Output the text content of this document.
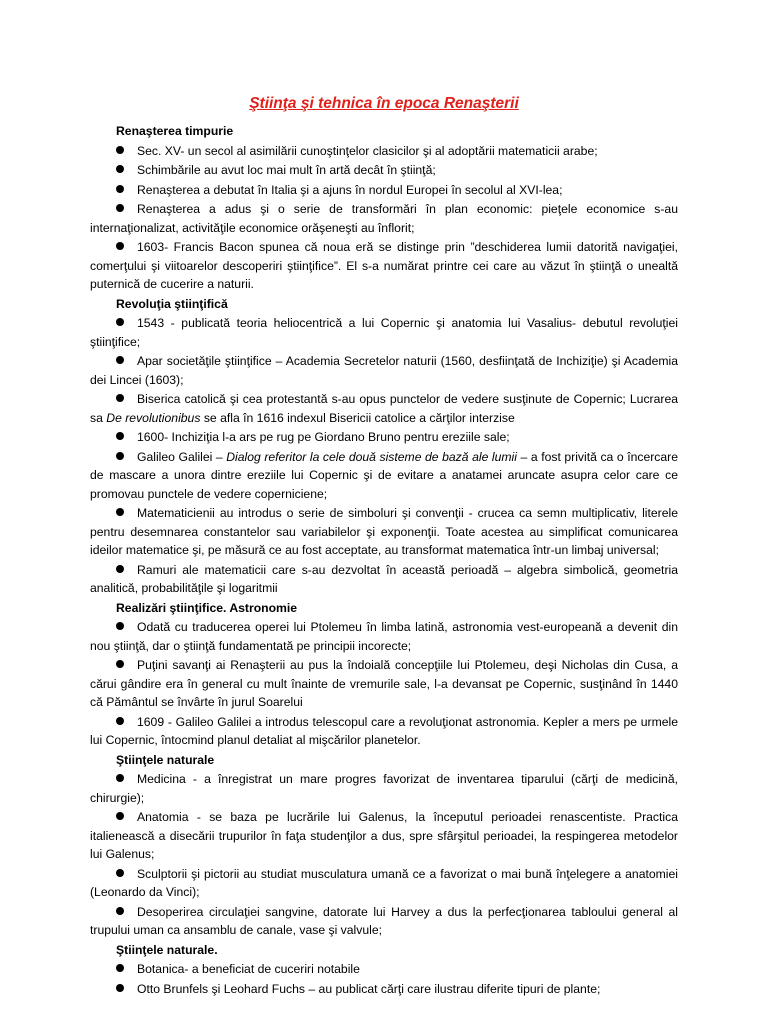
Ştiinţa şi tehnica în epoca Renaşterii
Renaşterea timpurie
Sec. XV- un secol al asimilării cunoştinţelor clasicilor şi al adoptării matematicii arabe;
Schimbările au avut loc mai mult în artă decât în ştiinţă;
Renaşterea a debutat în Italia şi a ajuns în nordul Europei în secolul al XVI-lea;
Renaşterea a adus şi o serie de transformări în plan economic: pieţele economice s-au internaţionalizat, activităţile economice orăşeneşti au înflorit;
1603- Francis Bacon spunea că noua eră se distinge prin ”deschiderea lumii datorită navigaţiei, comerţului şi viitoarelor descoperiri ştiinţifice”. El s-a numărat printre cei care au văzut în ştiinţă o unealtă puternică de cucerire a naturii.
Revoluţia ştiinţifică
1543 - publicată teoria heliocentrică a lui Copernic şi anatomia lui Vasalius- debutul revoluţiei ştiinţifice;
Apar societăţile ştiinţifice – Academia Secretelor naturii (1560, desfiinţată de Inchiziţie) şi Academia dei Lincei (1603);
Biserica catolică şi cea protestantă s-au opus punctelor de vedere susţinute de Copernic; Lucrarea sa De revolutionibus se afla în 1616 indexul Bisericii catolice a cărţilor interzise
1600- Inchiziţia l-a ars pe rug pe Giordano Bruno pentru ereziile sale;
Galileo Galilei – Dialog referitor la cele două sisteme de bază ale lumii – a fost privită ca o încercare de mascare a unora dintre ereziile lui Copernic şi de evitare a anatamei aruncate asupra celor care ce promovau punctele de vedere coperniciene;
Matematicienii au introdus o serie de simboluri şi convenţii - crucea ca semn multiplicativ, literele pentru desemnarea constantelor sau variabilelor şi exponenţii. Toate acestea au simplificat comunicarea ideilor matematice şi, pe măsură ce au fost acceptate, au transformat matematica într-un limbaj universal;
Ramuri ale matematicii care s-au dezvoltat în această perioadă – algebra simbolică, geometria analitică, probabilităţile şi logaritmii
Realizări ştiinţifice. Astronomie
Odată cu traducerea operei lui Ptolemeu în limba latină, astronomia vest-europeană a devenit din nou ştiinţă, dar o ştiinţă fundamentată pe principii incorecte;
Puţini savanţi ai Renaşterii au pus la îndoială concepţiile lui Ptolemeu, deşi Nicholas din Cusa, a cărui gândire era în general cu mult înainte de vremurile sale, l-a devansat pe Copernic, susţinând în 1440 că Pământul se învârte în jurul Soarelui
1609 - Galileo Galilei a introdus telescopul care a revoluţionat astronomia. Kepler a mers pe urmele lui Copernic, întocmind planul detaliat al mişcărilor planetelor.
Ştiinţele naturale
Medicina - a înregistrat un mare progres favorizat de inventarea tiparului (cărţi de medicină, chirurgie);
Anatomia - se baza pe lucrările lui Galenus, la începutul perioadei renascentiste. Practica italienească a disecării trupurilor în faţa studenţilor a dus, spre sfârşitul perioadei, la respingerea metodelor lui Galenus;
Sculptorii şi pictorii au studiat musculatura umană ce a favorizat o mai bună înţelegere a anatomiei (Leonardo da Vinci);
Desoperirea circulaţiei sangvine, datorate lui Harvey a dus la perfecţionarea tabloului general al trupului uman ca ansamblu de canale, vase şi valvule;
Ştiinţele naturale.
Botanica- a beneficiat de cuceriri notabile
Otto Brunfels şi Leohard Fuchs – au publicat cărţi care ilustrau diferite tipuri de plante;
